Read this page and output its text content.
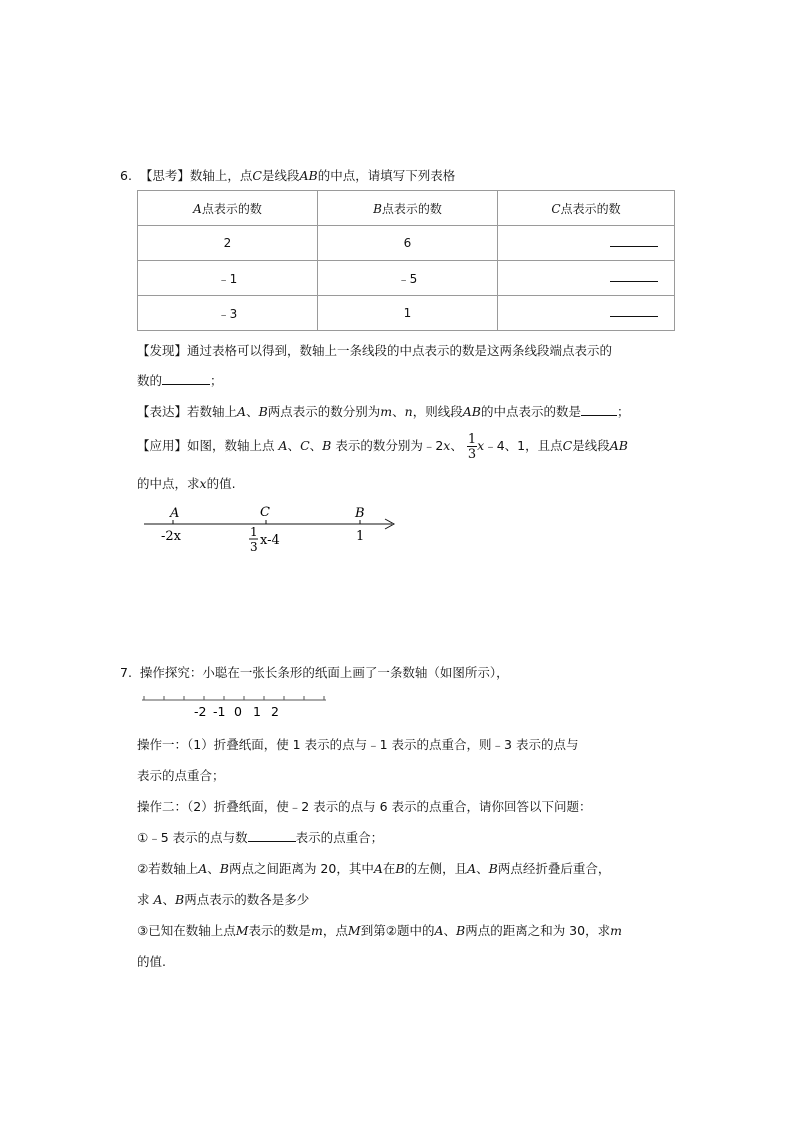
6. 【思考】数轴上，点C是线段AB的中点，请填写下列表格
A点表示的数	B点表示的数	C点表示的数
2	6	
﹣1	﹣5	
﹣3	1	
【发现】通过表格可以得到，数轴上一条线段的中点表示的数是这两条线段端点表示的
数的	；
【表达】若数轴上A、B两点表示的数分别为m、n，则线段AB的中点表示的数是	；
【应用】如图，数轴上点 A、C、B 表示的数分别为﹣2x、 $\frac{1}{3}$ x﹣4、1，且点C是线段AB
的中点，求x的值.
A	C	B
-2x	1
3 x-4	1
7. 操作探究：小聪在一张长条形的纸面上画了一条数轴（如图所示），
-2 -1 0 1 2
操作一：（1）折叠纸面，使 1 表示的点与﹣1 表示的点重合，则﹣3 表示的点与
表示的点重合；
操作二：（2）折叠纸面，使﹣2 表示的点与 6 表示的点重合，请你回答以下问题：
①﹣5 表示的点与数	表示的点重合；
②若数轴上A、B两点之间距离为 20，其中A在B的左侧，且A、B两点经折叠后重合，
求 A、B两点表示的数各是多少
③已知在数轴上点M表示的数是m，点M到第②题中的A、B两点的距离之和为 30，求m
的值.
